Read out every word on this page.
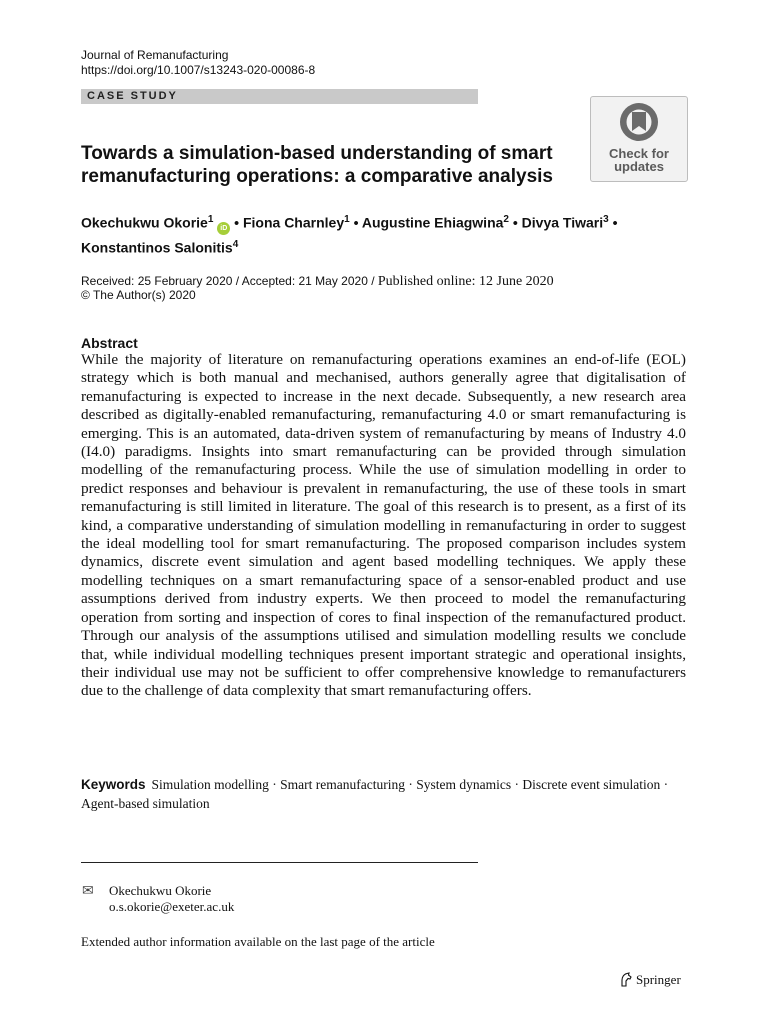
Journal of Remanufacturing
https://doi.org/10.1007/s13243-020-00086-8
CASE STUDY
Check for
updates
Towards a simulation-based understanding of smart remanufacturing operations: a comparative analysis
Okechukwu Okorie$^1$ iD • Fiona Charnley$^1$ • Augustine Ehiagwina$^2$ • Divya Tiwari$^3$ •
Konstantinos Salonitis$^4$
Received: 25 February 2020 / Accepted: 21 May 2020 / Published online: 12 June 2020
© The Author(s) 2020
Abstract
While the majority of literature on remanufacturing operations examines an end-of-life (EOL) strategy which is both manual and mechanised, authors generally agree that digitalisation of remanufacturing is expected to increase in the next decade. Subsequently, a new research area described as digitally-enabled remanufacturing, remanufacturing 4.0 or smart remanufacturing is emerging. This is an automated, data-driven system of remanufacturing by means of Industry 4.0 (I4.0) paradigms. Insights into smart remanufacturing can be provided through simulation modelling of the remanufacturing process. While the use of simulation modelling in order to predict responses and behaviour is prevalent in remanufacturing, the use of these tools in smart remanufacturing is still limited in literature. The goal of this research is to present, as a first of its kind, a comparative understanding of simulation modelling in remanufacturing in order to suggest the ideal modelling tool for smart remanufacturing. The proposed comparison includes system dynamics, discrete event simulation and agent based modelling techniques. We apply these modelling techniques on a smart remanufacturing space of a sensor-enabled product and use assumptions derived from industry experts. We then proceed to model the remanufacturing operation from sorting and inspection of cores to final inspection of the remanufactured product. Through our analysis of the assumptions utilised and simulation modelling results we conclude that, while individual modelling techniques present important strategic and operational insights, their individual use may not be sufficient to offer comprehensive knowledge to remanufacturers due to the challenge of data complexity that smart remanufacturing offers.
Keywords Simulation modelling · Smart remanufacturing · System dynamics · Discrete event simulation · Agent-based simulation
✉ Okechukwu Okorie
o.s.okorie@exeter.ac.uk
Extended author information available on the last page of the article
Springer
